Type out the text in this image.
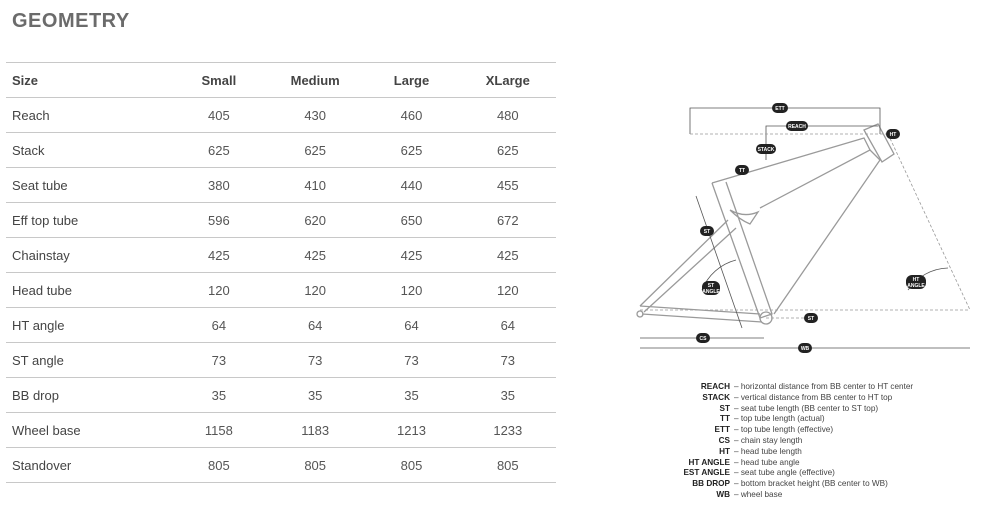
GEOMETRY
Size	Small	Medium	Large	XLarge
Reach	405	430	460	480
Stack	625	625	625	625
Seat tube	380	410	440	455
Eff top tube	596	620	650	672
Chainstay	425	425	425	425
Head tube	120	120	120	120
HT angle	64	64	64	64
ST angle	73	73	73	73
BB drop	35	35	35	35
Wheel base	1158	1183	1213	1233
Standover	805	805	805	805
ETT
REACH
STACK
TT
HT
ST
ST
ANGLE
HT
ANGLE
ST
CS
WB
REACH – horizontal distance from BB center to HT center
STACK – vertical distance from BB center to HT top
ST – seat tube length (BB center to ST top)
TT – top tube length (actual)
ETT – top tube length (effective)
CS – chain stay length
HT – head tube length
HT ANGLE – head tube angle
EST ANGLE – seat tube angle (effective)
BB DROP – bottom bracket height (BB center to WB)
WB – wheel base
